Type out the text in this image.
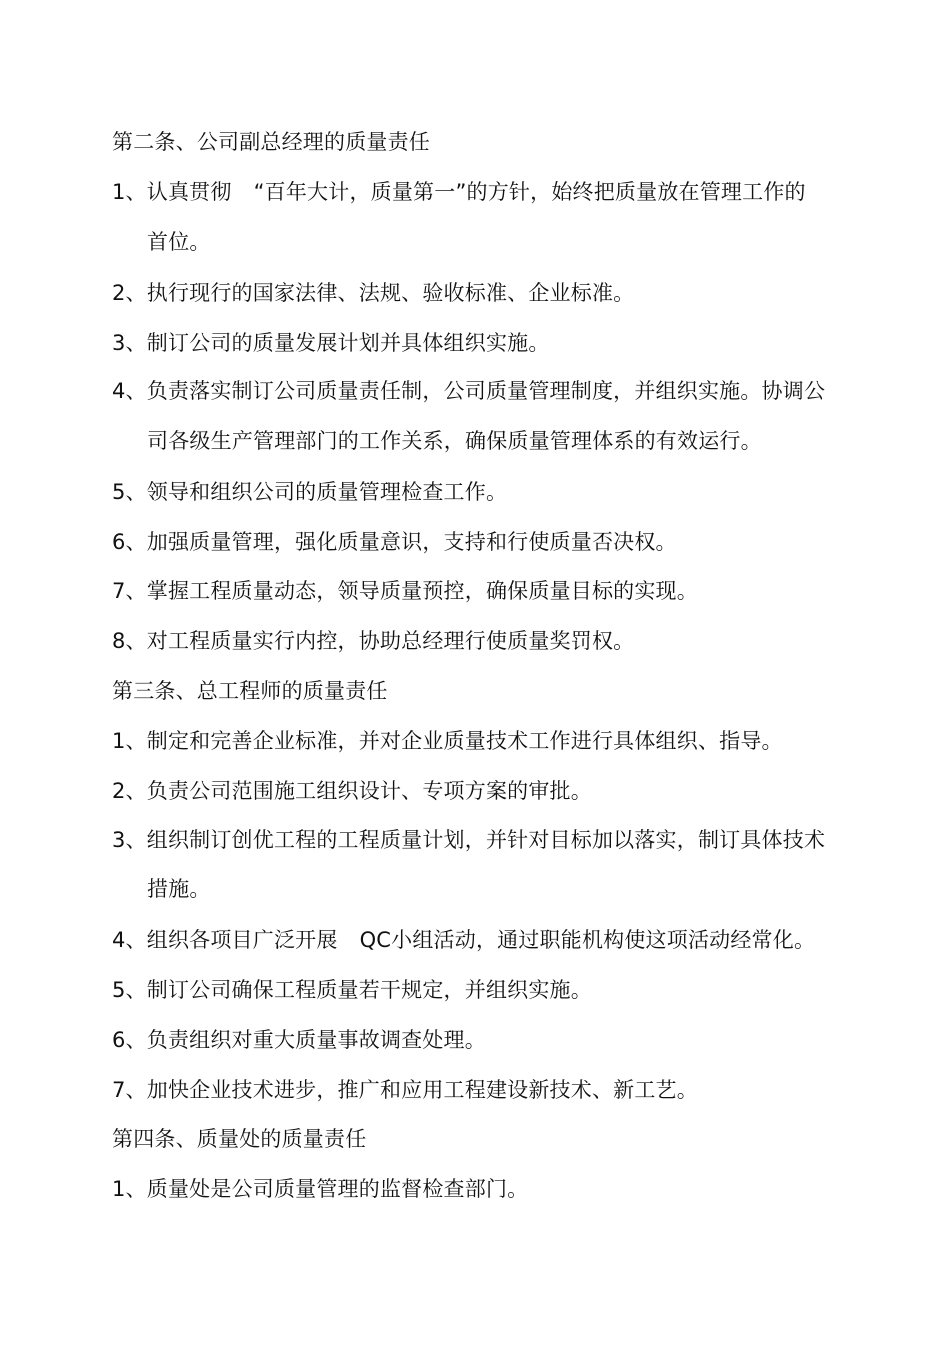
第二条、公司副总经理的质量责任
1、认真贯彻 “百年大计，质量第一”的方针，始终把质量放在管理工作的
首位。
2、执行现行的国家法律、法规、验收标准、企业标准。
3、制订公司的质量发展计划并具体组织实施。
4、负责落实制订公司质量责任制，公司质量管理制度，并组织实施。协调公
司各级生产管理部门的工作关系，确保质量管理体系的有效运行。
5、领导和组织公司的质量管理检查工作。
6、加强质量管理，强化质量意识，支持和行使质量否决权。
7、掌握工程质量动态，领导质量预控，确保质量目标的实现。
8、对工程质量实行内控，协助总经理行使质量奖罚权。
第三条、总工程师的质量责任
1、制定和完善企业标准，并对企业质量技术工作进行具体组织、指导。
2、负责公司范围施工组织设计、专项方案的审批。
3、组织制订创优工程的工程质量计划，并针对目标加以落实，制订具体技术
措施。
4、组织各项目广泛开展 QC小组活动，通过职能机构使这项活动经常化。
5、制订公司确保工程质量若干规定，并组织实施。
6、负责组织对重大质量事故调查处理。
7、加快企业技术进步，推广和应用工程建设新技术、新工艺。
第四条、质量处的质量责任
1、质量处是公司质量管理的监督检查部门。
